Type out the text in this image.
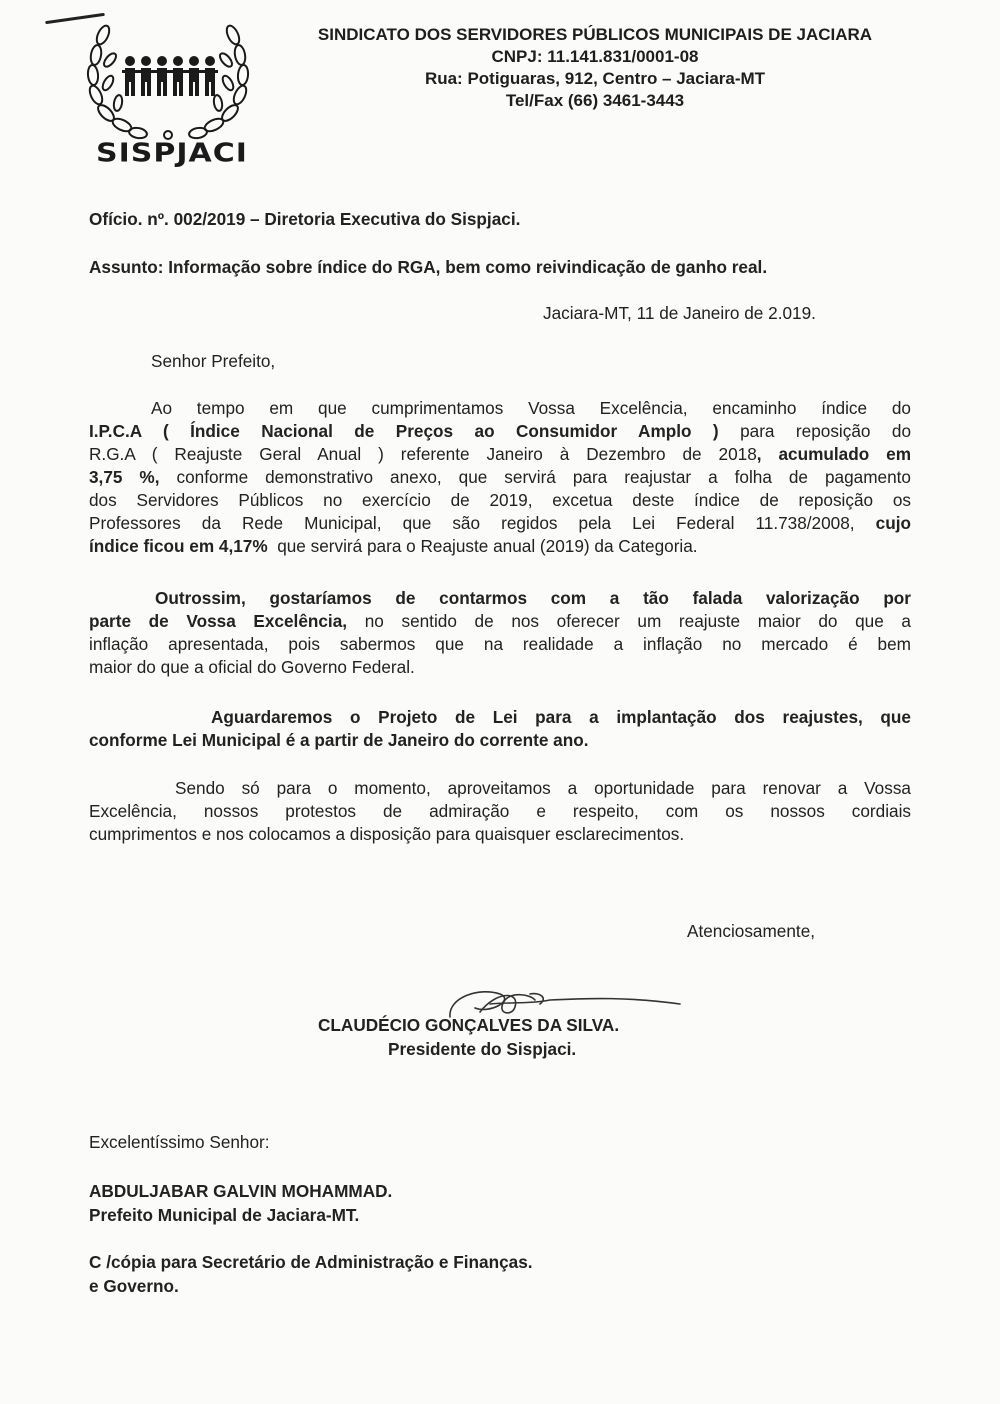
SISPJACI
SINDICATO DOS SERVIDORES PÚBLICOS MUNICIPAIS DE JACIARA
CNPJ: 11.141.831/0001-08
Rua: Potiguaras, 912, Centro – Jaciara-MT
Tel/Fax (66) 3461-3443
Ofício. nº. 002/2019 – Diretoria Executiva do Sispjaci.
Assunto: Informação sobre índice do RGA, bem como reivindicação de ganho real.
Jaciara-MT, 11 de Janeiro de 2.019.
Senhor Prefeito,
Ao tempo em que cumprimentamos Vossa Excelência, encaminho índice do
I.P.C.A ( Índice Nacional de Preços ao Consumidor Amplo ) para reposição do
R.G.A ( Reajuste Geral Anual ) referente Janeiro à Dezembro de 2018, acumulado em
3,75 %, conforme demonstrativo anexo, que servirá para reajustar a folha de pagamento
dos Servidores Públicos no exercício de 2019, excetua deste índice de reposição os
Professores da Rede Municipal, que são regidos pela Lei Federal 11.738/2008, cujo
índice ficou em 4,17% que servirá para o Reajuste anual (2019) da Categoria.
Outrossim, gostaríamos de contarmos com a tão falada valorização por
parte de Vossa Excelência, no sentido de nos oferecer um reajuste maior do que a
inflação apresentada, pois sabermos que na realidade a inflação no mercado é bem
maior do que a oficial do Governo Federal.
Aguardaremos o Projeto de Lei para a implantação dos reajustes, que
conforme Lei Municipal é a partir de Janeiro do corrente ano.
Sendo só para o momento, aproveitamos a oportunidade para renovar a Vossa
Excelência, nossos protestos de admiração e respeito, com os nossos cordiais
cumprimentos e nos colocamos a disposição para quaisquer esclarecimentos.
Atenciosamente,
CLAUDÉCIO GONÇALVES DA SILVA.
Presidente do Sispjaci.
Excelentíssimo Senhor:
ABDULJABAR GALVIN MOHAMMAD.
Prefeito Municipal de Jaciara-MT.
C /cópia para Secretário de Administração e Finanças.
e Governo.
